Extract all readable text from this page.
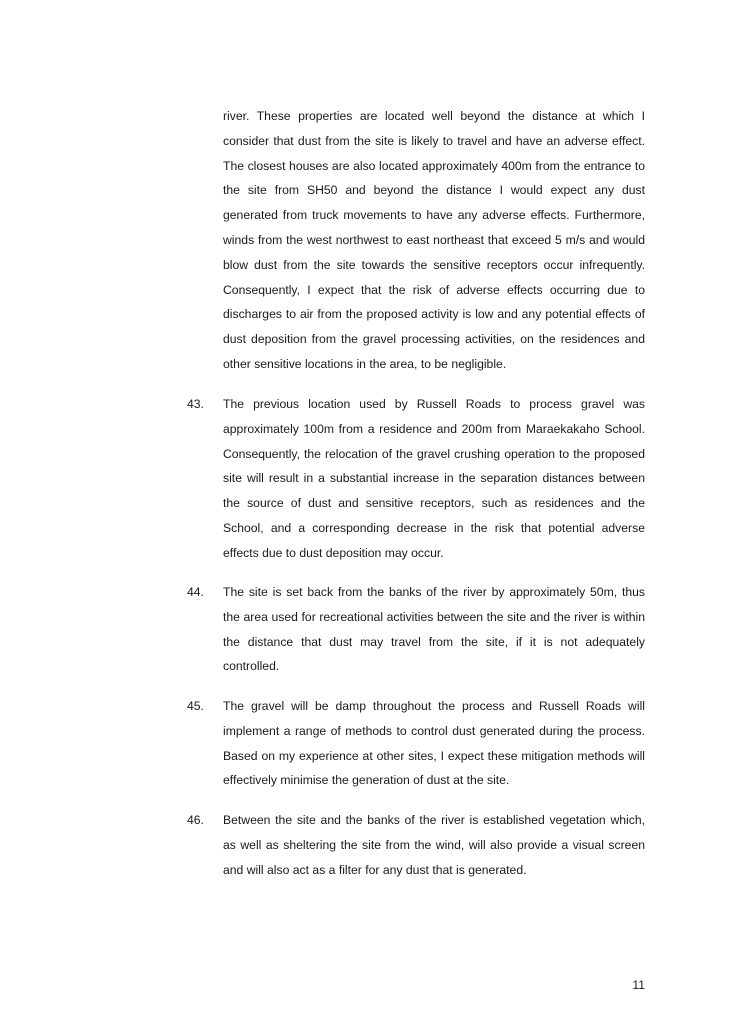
river. These properties are located well beyond the distance at which I consider that dust from the site is likely to travel and have an adverse effect. The closest houses are also located approximately 400m from the entrance to the site from SH50 and beyond the distance I would expect any dust generated from truck movements to have any adverse effects. Furthermore, winds from the west northwest to east northeast that exceed 5 m/s and would blow dust from the site towards the sensitive receptors occur infrequently. Consequently, I expect that the risk of adverse effects occurring due to discharges to air from the proposed activity is low and any potential effects of dust deposition from the gravel processing activities, on the residences and other sensitive locations in the area, to be negligible.

43. The previous location used by Russell Roads to process gravel was approximately 100m from a residence and 200m from Maraekakaho School. Consequently, the relocation of the gravel crushing operation to the proposed site will result in a substantial increase in the separation distances between the source of dust and sensitive receptors, such as residences and the School, and a corresponding decrease in the risk that potential adverse effects due to dust deposition may occur.

44. The site is set back from the banks of the river by approximately 50m, thus the area used for recreational activities between the site and the river is within the distance that dust may travel from the site, if it is not adequately controlled.

45. The gravel will be damp throughout the process and Russell Roads will implement a range of methods to control dust generated during the process. Based on my experience at other sites, I expect these mitigation methods will effectively minimise the generation of dust at the site.

46. Between the site and the banks of the river is established vegetation which, as well as sheltering the site from the wind, will also provide a visual screen and will also act as a filter for any dust that is generated.

11
